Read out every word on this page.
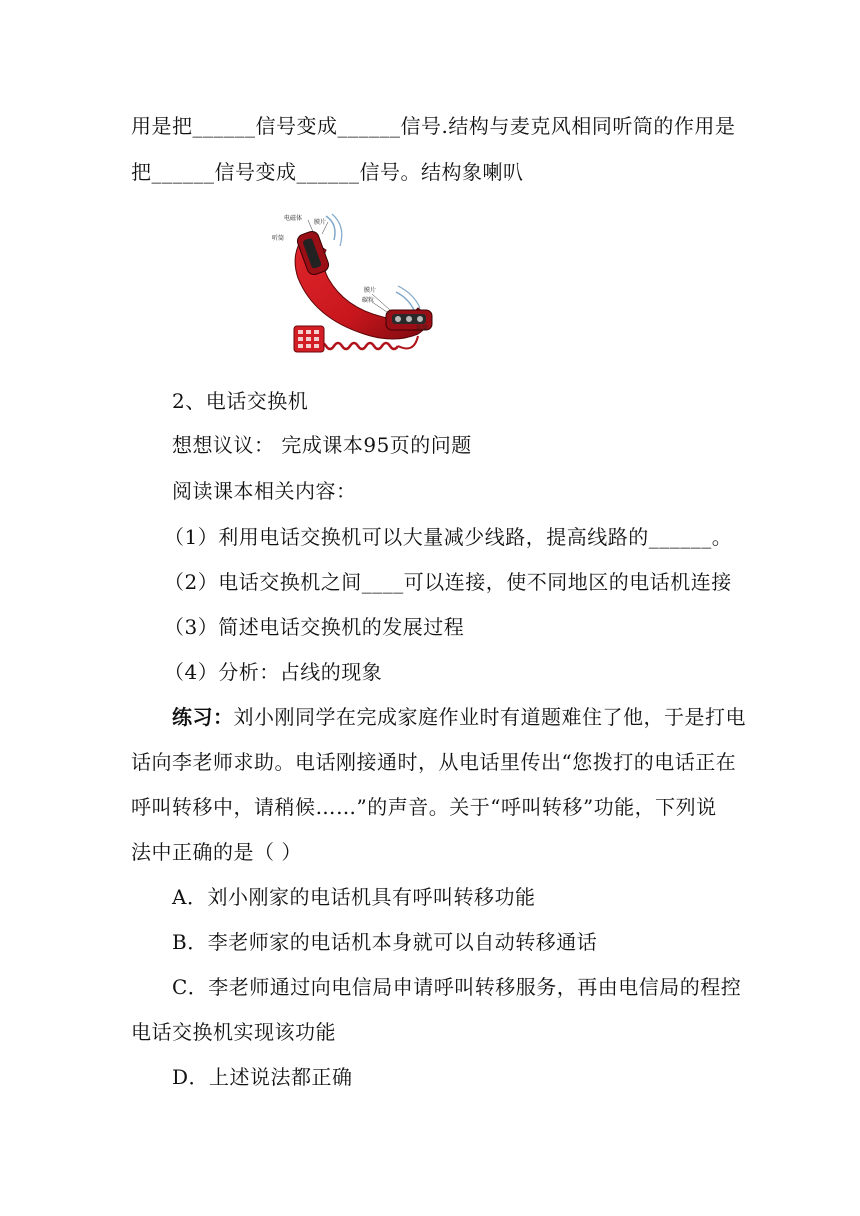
用是把______信号变成______信号.结构与麦克风相同听筒的作用是
把______信号变成______信号。结构象喇叭
电磁体
膜片
听筒
膜片
碳粒
话筒
2、电话交换机
想想议议： 完成课本95页的问题
阅读课本相关内容：
（1）利用电话交换机可以大量减少线路，提高线路的______。
（2）电话交换机之间____可以连接，使不同地区的电话机连接
（3）简述电话交换机的发展过程
（4）分析：占线的现象
练习：刘小刚同学在完成家庭作业时有道题难住了他，于是打电
话向李老师求助。电话刚接通时，从电话里传出“您拨打的电话正在
呼叫转移中，请稍候……”的声音。关于“呼叫转移”功能，下列说
法中正确的是（ ）
A．刘小刚家的电话机具有呼叫转移功能
B．李老师家的电话机本身就可以自动转移通话
C．李老师通过向电信局申请呼叫转移服务，再由电信局的程控
电话交换机实现该功能
D．上述说法都正确
